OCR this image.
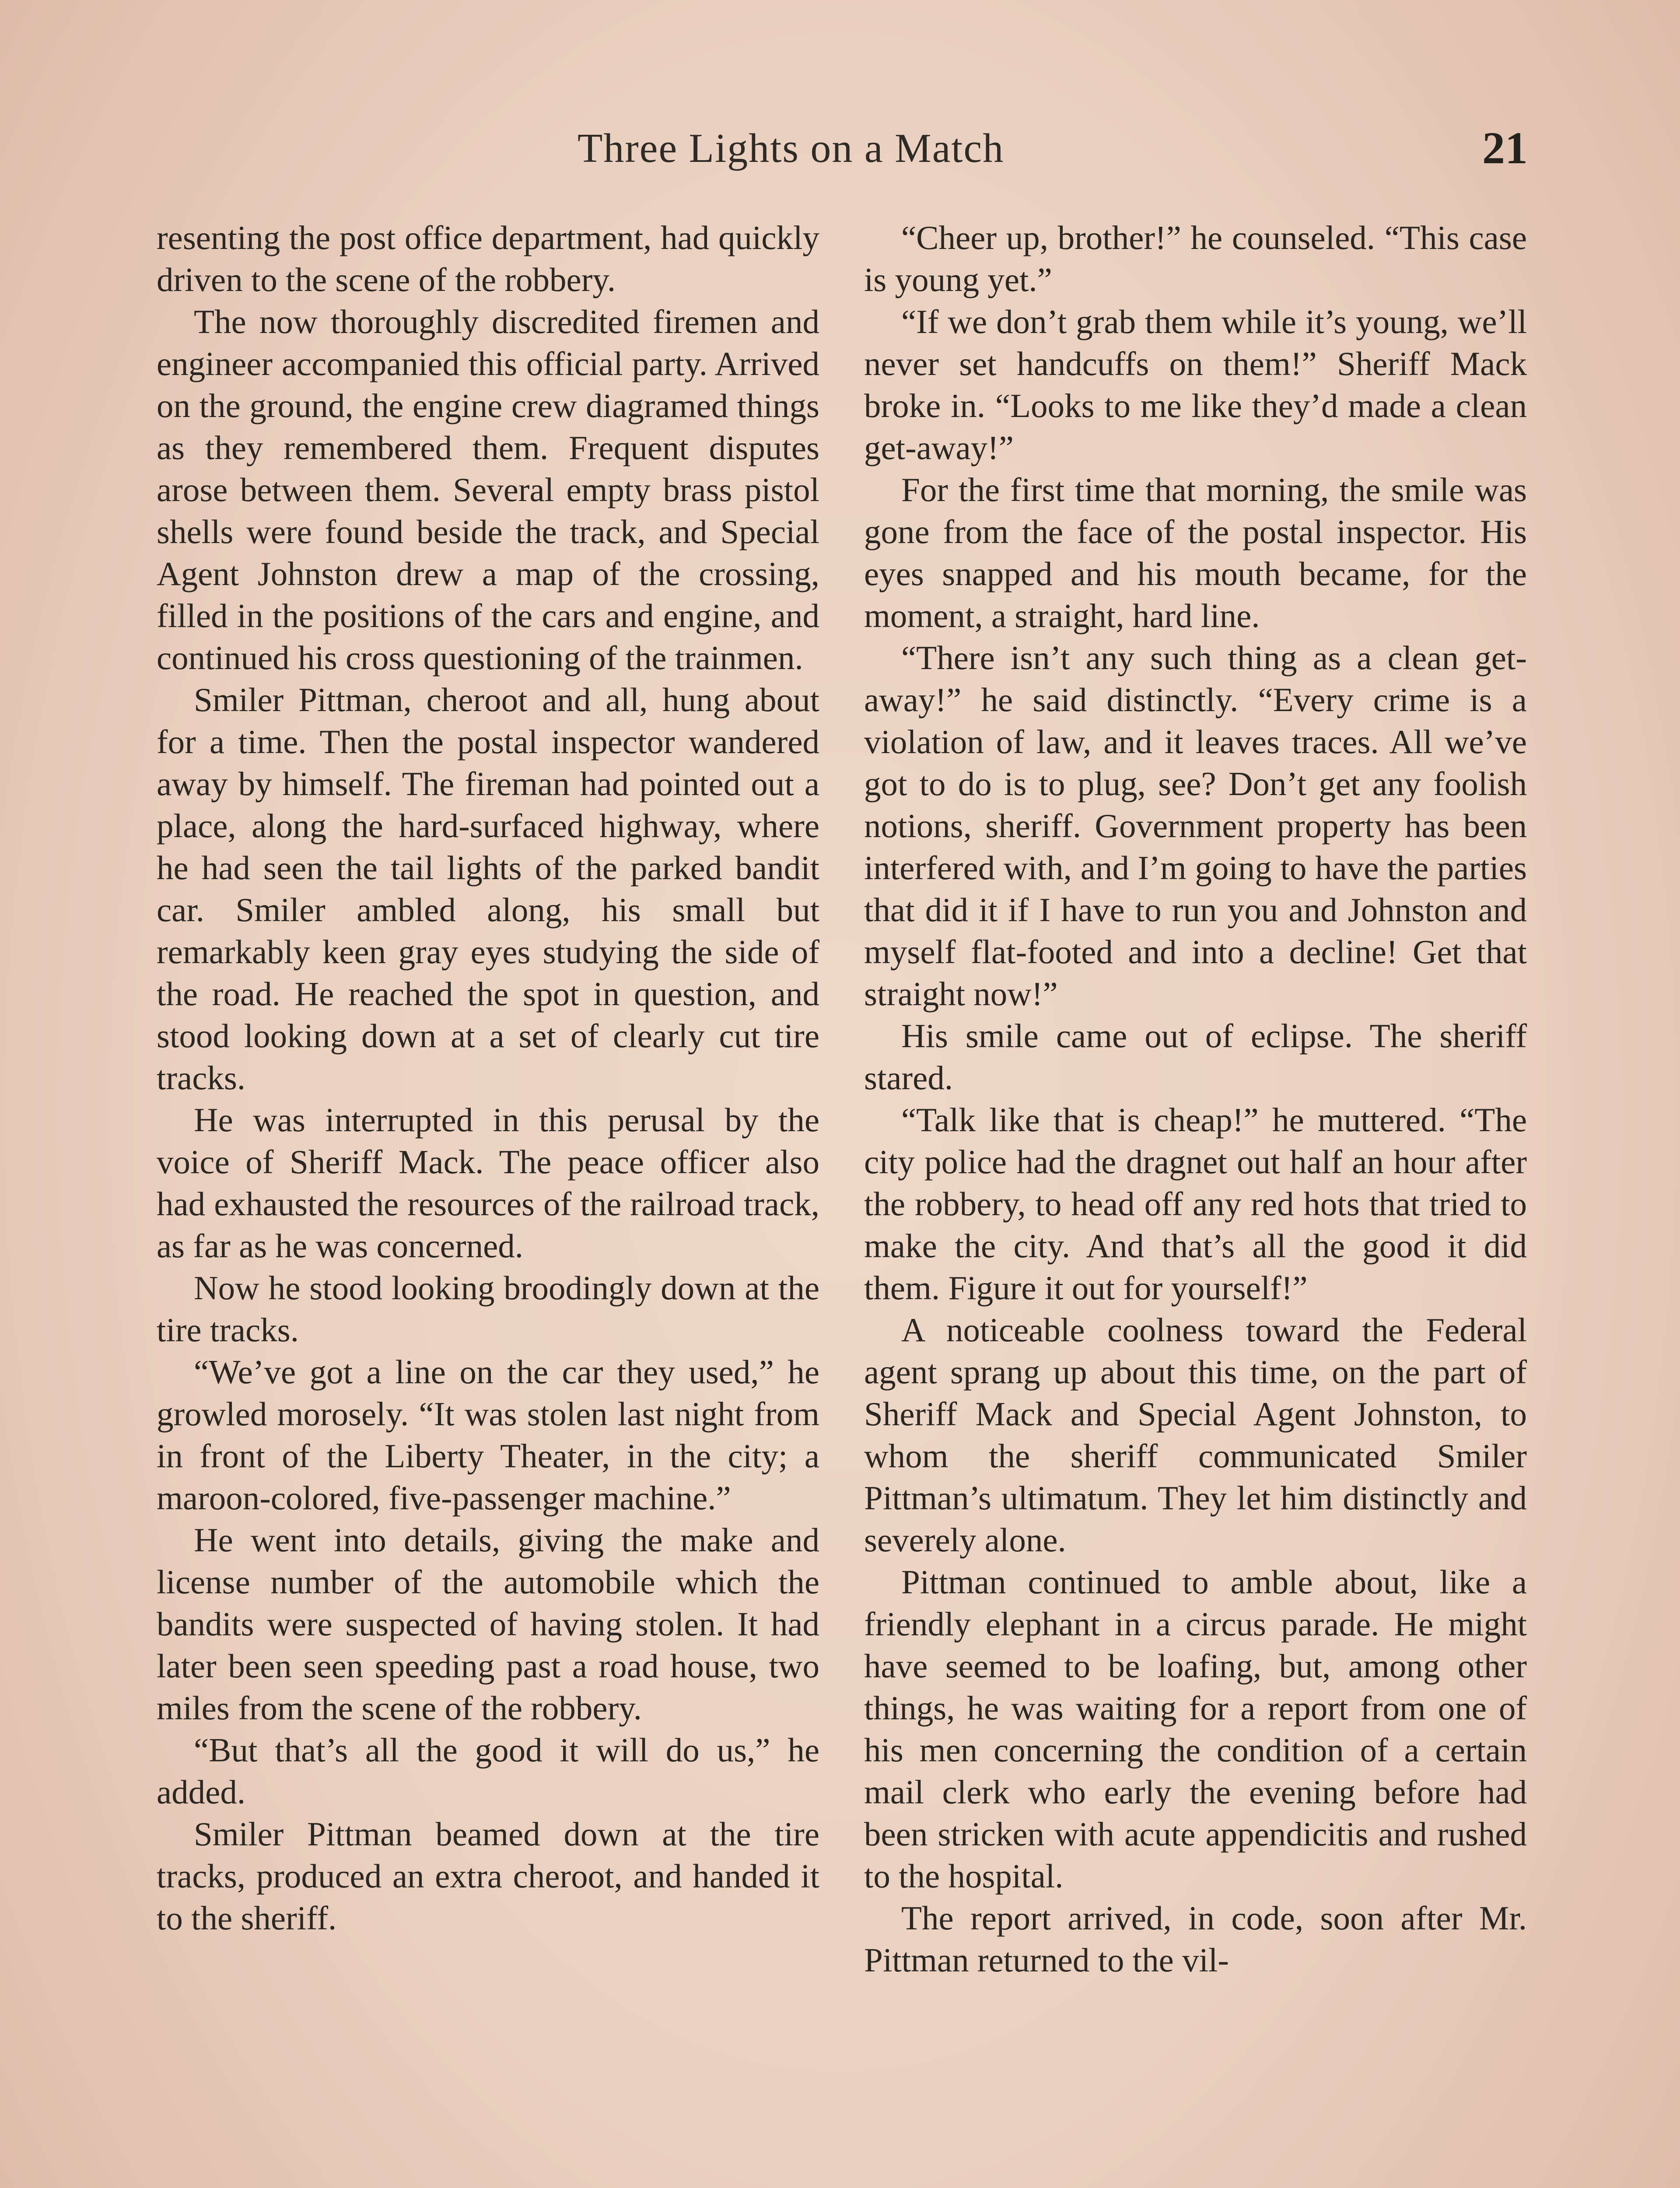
Three Lights on a Match	21

resenting the post office department, had quickly driven to the scene of the robbery.

The now thoroughly discredited firemen and engineer accompanied this official party. Arrived on the ground, the engine crew diagramed things as they remembered them. Frequent disputes arose between them. Several empty brass pistol shells were found beside the track, and Special Agent Johnston drew a map of the crossing, filled in the positions of the cars and engine, and continued his cross questioning of the trainmen.

Smiler Pittman, cheroot and all, hung about for a time. Then the postal inspector wandered away by himself. The fireman had pointed out a place, along the hard-surfaced highway, where he had seen the tail lights of the parked bandit car. Smiler ambled along, his small but remarkably keen gray eyes studying the side of the road. He reached the spot in question, and stood looking down at a set of clearly cut tire tracks.

He was interrupted in this perusal by the voice of Sheriff Mack. The peace officer also had exhausted the resources of the railroad track, as far as he was concerned.

Now he stood looking broodingly down at the tire tracks.

“We’ve got a line on the car they used,” he growled morosely. “It was stolen last night from in front of the Liberty Theater, in the city; a maroon-colored, five-passenger machine.”

He went into details, giving the make and license number of the automobile which the bandits were suspected of having stolen. It had later been seen speeding past a road house, two miles from the scene of the robbery.

“But that’s all the good it will do us,” he added.

Smiler Pittman beamed down at the tire tracks, produced an extra cheroot, and handed it to the sheriff.

“Cheer up, brother!” he counseled. “This case is young yet.”

“If we don’t grab them while it’s young, we’ll never set handcuffs on them!” Sheriff Mack broke in. “Looks to me like they’d made a clean get-away!”

For the first time that morning, the smile was gone from the face of the postal inspector. His eyes snapped and his mouth became, for the moment, a straight, hard line.

“There isn’t any such thing as a clean get-away!” he said distinctly. “Every crime is a violation of law, and it leaves traces. All we’ve got to do is to plug, see? Don’t get any foolish notions, sheriff. Government property has been interfered with, and I’m going to have the parties that did it if I have to run you and Johnston and myself flat-footed and into a decline! Get that straight now!”

His smile came out of eclipse. The sheriff stared.

“Talk like that is cheap!” he muttered. “The city police had the dragnet out half an hour after the robbery, to head off any red hots that tried to make the city. And that’s all the good it did them. Figure it out for yourself!”

A noticeable coolness toward the Federal agent sprang up about this time, on the part of Sheriff Mack and Special Agent Johnston, to whom the sheriff communicated Smiler Pittman’s ultimatum. They let him distinctly and severely alone.

Pittman continued to amble about, like a friendly elephant in a circus parade. He might have seemed to be loafing, but, among other things, he was waiting for a report from one of his men concerning the condition of a certain mail clerk who early the evening before had been stricken with acute appendicitis and rushed to the hospital.

The report arrived, in code, soon after Mr. Pittman returned to the vil-
